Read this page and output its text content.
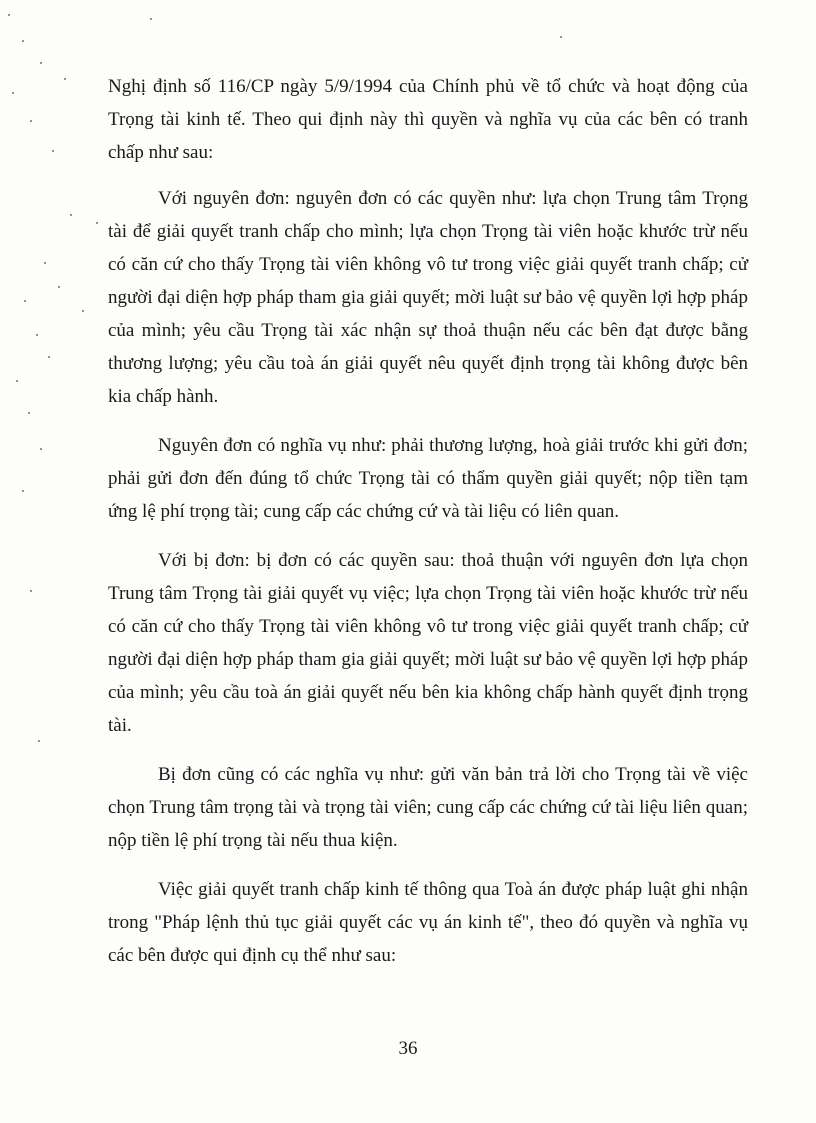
Nghị định số 116/CP ngày 5/9/1994 của Chính phủ về tổ chức và hoạt động của Trọng tài kinh tế. Theo qui định này thì quyền và nghĩa vụ của các bên có tranh chấp như sau:

Với nguyên đơn: nguyên đơn có các quyền như: lựa chọn Trung tâm Trọng tài để giải quyết tranh chấp cho mình; lựa chọn Trọng tài viên hoặc khước trừ nếu có căn cứ cho thấy Trọng tài viên không vô tư trong việc giải quyết tranh chấp; cử người đại diện hợp pháp tham gia giải quyết; mời luật sư bảo vệ quyền lợi hợp pháp của mình; yêu cầu Trọng tài xác nhận sự thoả thuận nếu các bên đạt được bằng thương lượng; yêu cầu toà án giải quyết nêu quyết định trọng tài không được bên kia chấp hành.

Nguyên đơn có nghĩa vụ như: phải thương lượng, hoà giải trước khi gửi đơn; phải gửi đơn đến đúng tổ chức Trọng tài có thẩm quyền giải quyết; nộp tiền tạm ứng lệ phí trọng tài; cung cấp các chứng cứ và tài liệu có liên quan.

Với bị đơn: bị đơn có các quyền sau: thoả thuận với nguyên đơn lựa chọn Trung tâm Trọng tài giải quyết vụ việc; lựa chọn Trọng tài viên hoặc khước trừ nếu có căn cứ cho thấy Trọng tài viên không vô tư trong việc giải quyết tranh chấp; cử người đại diện hợp pháp tham gia giải quyết; mời luật sư bảo vệ quyền lợi hợp pháp của mình; yêu cầu toà án giải quyết nếu bên kia không chấp hành quyết định trọng tài.

Bị đơn cũng có các nghĩa vụ như: gửi văn bản trả lời cho Trọng tài về việc chọn Trung tâm trọng tài và trọng tài viên; cung cấp các chứng cứ tài liệu liên quan; nộp tiền lệ phí trọng tài nếu thua kiện.

Việc giải quyết tranh chấp kinh tế thông qua Toà án được pháp luật ghi nhận trong "Pháp lệnh thủ tục giải quyết các vụ án kinh tế", theo đó quyền và nghĩa vụ các bên được qui định cụ thể như sau:

36
